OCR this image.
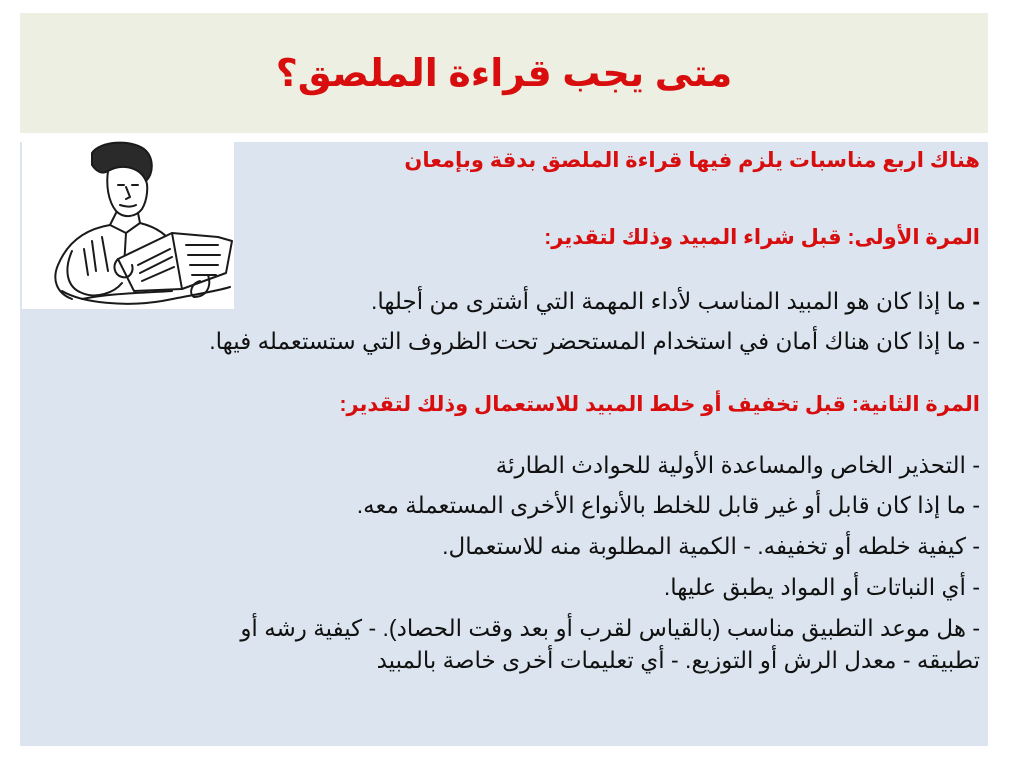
متى يجب قراءة الملصق؟
هناك اربع مناسبات يلزم فيها قراءة الملصق بدقة وبإمعان
المرة الأولى: قبل شراء المبيد وذلك لتقدير:
- ما إذا كان هو المبيد المناسب لأداء المهمة التي أشترى من أجلها.
- ما إذا كان هناك أمان في استخدام المستحضر تحت الظروف التي ستستعمله فيها.
المرة الثانية: قبل تخفيف أو خلط المبيد للاستعمال وذلك لتقدير:
- التحذير الخاص والمساعدة الأولية للحوادث الطارئة
- ما إذا كان قابل أو غير قابل للخلط بالأنواع الأخرى المستعملة معه.
- كيفية خلطه أو تخفيفه. - الكمية المطلوبة منه للاستعمال.
- أي النباتات أو المواد يطبق عليها.
- هل موعد التطبيق مناسب (بالقياس لقرب أو بعد وقت الحصاد). - كيفية رشه أو
تطبيقه - معدل الرش أو التوزيع. - أي تعليمات أخرى خاصة بالمبيد
